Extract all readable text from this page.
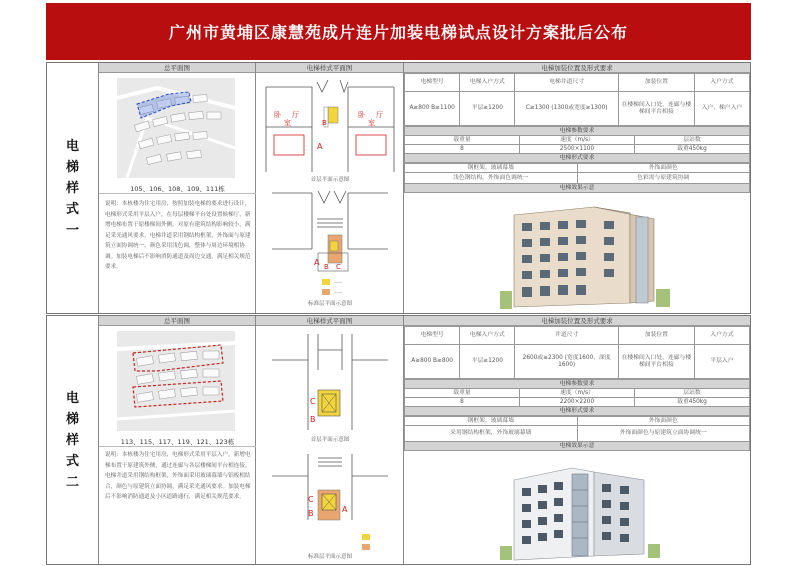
广州市黄埔区康慧苑成片连片加装电梯试点设计方案批后公布
电
梯
样
式
一
总平面图
105、106、108、109、111栋
说明：本栋楼为住宅用房，按照加装电梯的要求进行设计，电梯形式采用平层入户，在每层楼梯平台处设置候梯厅，新增电梯布置于原楼梯间外侧，对原有建筑结构影响较小，满足采光通风要求。电梯井道采用钢结构框架，外饰面与原建筑立面协调统一，颜色采用浅色调，整体与周边环境相协调。加装电梯后不影响消防通道及周边交通，满足相关规范要求。
电梯样式平面图
卧
室
厅	卧
室
厅
A
B
首层平面示意图
A B C
——
——
标准层平面示意图
电梯加装位置及形式要求
电梯型号	电梯入户方式	电梯井道尺寸	加装位置	入户方式
A≥800 B≥1100	平层≥1200	C≥1300 (1300或宽度≥1300)	在楼梯间入口处，连廊与楼梯间平台相接	入户，梯户入户
电梯参数要求		
载重量	速度（m/s）	层站数
8	2500×1100	载重450kg
电梯形式要求		
钢框架，玻璃幕墙	外饰面颜色
浅色钢结构，外饰面色调统一	色彩需与原建筑协调
电梯效果示意	
电
梯
样
式
二
总平面图
113、115、117、119、121、123栋
说明：本栋楼为住宅用房，电梯形式采用平层入户，新增电梯布置于原建筑外侧，通过连廊与各层楼梯间平台相连接。电梯井道采用钢结构框架，外饰面采用玻璃幕墙与铝板相结合，颜色与原建筑立面协调，满足采光通风要求。加装电梯后不影响消防通道及小区道路通行，满足相关规范要求。
电梯样式平面图
C
B
首层平面示意图
C
B	A
标准层平面示意图
电梯加装位置及形式要求
电梯型号	电梯入户方式	井道尺寸	加装位置	入户方式
A≥800 B≥800	平层≥1200	2600或≥2300 (宽度1600，深度1600)	在楼梯间入口处，连廊与楼梯间平台相接	平层入户
电梯参数要求		
载重量	速度（m/s）	层站数
8	2200×2200	载重450kg
电梯形式要求		
钢框架，玻璃幕墙	外饰面颜色
采用钢结构框架，外饰玻璃幕墙	外饰面颜色与原建筑立面协调统一
电梯效果示意	
